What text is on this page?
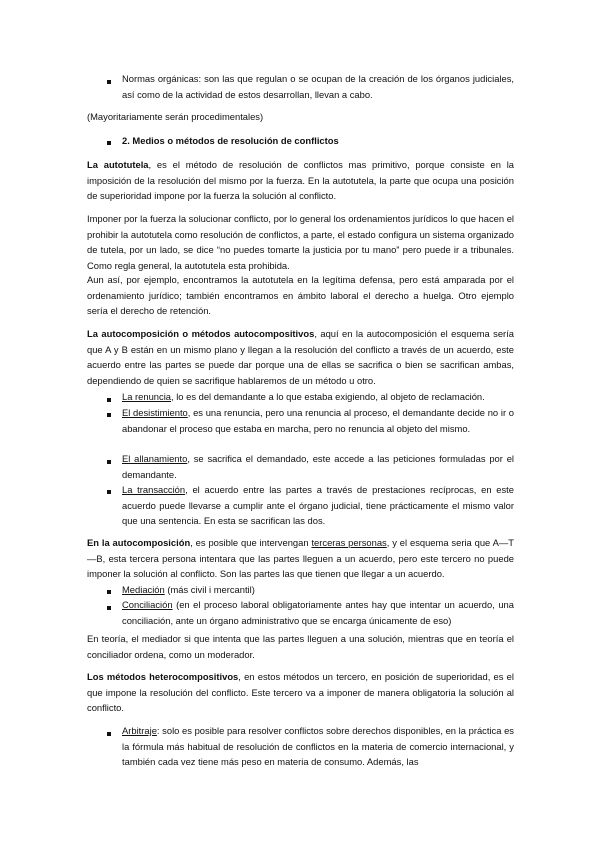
Normas orgánicas: son las que regulan o se ocupan de la creación de los órganos judiciales, así como de la actividad de estos desarrollan, llevan a cabo.

(Mayoritariamente serán procedimentales)

2. Medios o métodos de resolución de conflictos

La autotutela, es el método de resolución de conflictos mas primitivo, porque consiste en la imposición de la resolución del mismo por la fuerza. En la autotutela, la parte que ocupa una posición de superioridad impone por la fuerza la solución al conflicto.

Imponer por la fuerza la solucionar conflicto, por lo general los ordenamientos jurídicos lo que hacen el prohibir la autotutela como resolución de conflictos, a parte, el estado configura un sistema organizado de tutela, por un lado, se dice “no puedes tomarte la justicia por tu mano” pero puede ir a tribunales. Como regla general, la autotutela esta prohibida.

Aun así, por ejemplo, encontramos la autotutela en la legítima defensa, pero está amparada por el ordenamiento jurídico; también encontramos en ámbito laboral el derecho a huelga. Otro ejemplo sería el derecho de retención.

La autocomposición o métodos autocompositivos, aquí en la autocomposición el esquema sería que A y B están en un mismo plano y llegan a la resolución del conflicto a través de un acuerdo, este acuerdo entre las partes se puede dar porque una de ellas se sacrifica o bien se sacrifican ambas, dependiendo de quien se sacrifique hablaremos de un método u otro.

La renuncia, lo es del demandante a lo que estaba exigiendo, al objeto de reclamación.

El desistimiento, es una renuncia, pero una renuncia al proceso, el demandante decide no ir o abandonar el proceso que estaba en marcha, pero no renuncia al objeto del mismo.

El allanamiento, se sacrifica el demandado, este accede a las peticiones formuladas por el demandante.

La transacción, el acuerdo entre las partes a través de prestaciones recíprocas, en este acuerdo puede llevarse a cumplir ante el órgano judicial, tiene prácticamente el mismo valor que una sentencia. En esta se sacrifican las dos.

En la autocomposición, es posible que intervengan terceras personas, y el esquema seria que A—T—B, esta tercera persona intentara que las partes lleguen a un acuerdo, pero este tercero no puede imponer la solución al conflicto. Son las partes las que tienen que llegar a un acuerdo.

Mediación (más civil i mercantil)

Conciliación (en el proceso laboral obligatoriamente antes hay que intentar un acuerdo, una conciliación, ante un órgano administrativo que se encarga únicamente de eso)

En teoría, el mediador si que intenta que las partes lleguen a una solución, mientras que en teoría el conciliador ordena, como un moderador.

Los métodos heterocompositivos, en estos métodos un tercero, en posición de superioridad, es el que impone la resolución del conflicto. Este tercero va a imponer de manera obligatoria la solución al conflicto.

Arbitraje: solo es posible para resolver conflictos sobre derechos disponibles, en la práctica es la fórmula más habitual de resolución de conflictos en la materia de comercio internacional, y también cada vez tiene más peso en materia de consumo. Además, las
